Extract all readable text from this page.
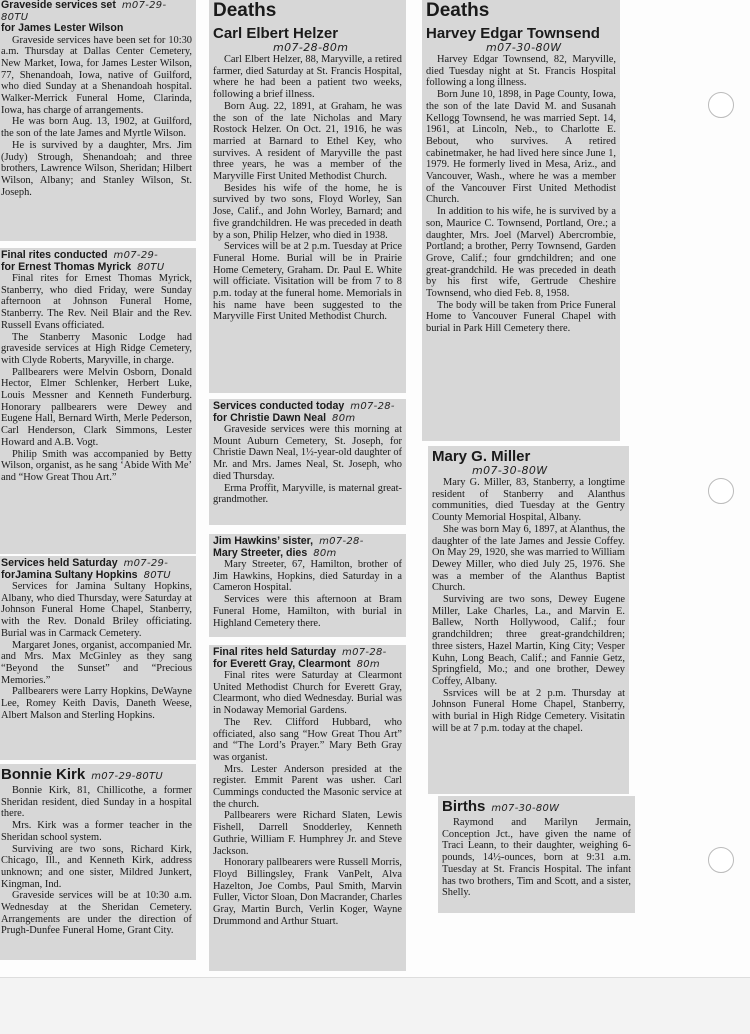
Graveside services set m07-29-80TU
for James Lester Wilson

Graveside services have been set for 10:30 a.m. Thursday at Dallas Center Cemetery, New Market, Iowa, for James Lester Wilson, 77, Shenandoah, Iowa, native of Guilford, who died Sunday at a Shenandoah hospital. Walker-Merrick Funeral Home, Clarinda, Iowa, has charge of arrangements.

He was born Aug. 13, 1902, at Guilford, the son of the late James and Myrtle Wilson.

He is survived by a daughter, Mrs. Jim (Judy) Strough, Shenandoah; and three brothers, Lawrence Wilson, Sheridan; Hilbert Wilson, Albany; and Stanley Wilson, St. Joseph.

Final rites conducted m07-29-
for Ernest Thomas Myrick 80TU

Final rites for Ernest Thomas Myrick, Stanberry, who died Friday, were Sunday afternoon at Johnson Funeral Home, Stanberry. The Rev. Neil Blair and the Rev. Russell Evans officiated.

The Stanberry Masonic Lodge had graveside services at High Ridge Cemetery, with Clyde Roberts, Maryville, in charge.

Pallbearers were Melvin Osborn, Donald Hector, Elmer Schlenker, Herbert Luke, Louis Messner and Kenneth Funderburg. Honorary pallbearers were Dewey and Eugene Hall, Bernard Wirth, Merle Pederson, Carl Henderson, Clark Simmons, Lester Howard and A.B. Vogt.

Philip Smith was accompanied by Betty Wilson, organist, as he sang ‘Abide With Me’ and “How Great Thou Art.”

Services held Saturday m07-29-
forJamina Sultany Hopkins 80TU

Services for Jamina Sultany Hopkins, Albany, who died Thursday, were Saturday at Johnson Funeral Home Chapel, Stanberry, with the Rev. Donald Briley officiating. Burial was in Carmack Cemetery.

Margaret Jones, organist, accompanied Mr. and Mrs. Max McGinley as they sang “Beyond the Sunset” and “Precious Memories.”

Pallbearers were Larry Hopkins, DeWayne Lee, Romey Keith Davis, Daneth Weese, Albert Malson and Sterling Hopkins.

Bonnie Kirk m07-29-80TU

Bonnie Kirk, 81, Chillicothe, a former Sheridan resident, died Sunday in a hospital there.

Mrs. Kirk was a former teacher in the Sheridan school system.

Surviving are two sons, Richard Kirk, Chicago, Ill., and Kenneth Kirk, address unknown; and one sister, Mildred Junkert, Kingman, Ind.

Graveside services will be at 10:30 a.m. Wednesday at the Sheridan Cemetery. Arrangements are under the direction of Prugh-Dunfee Funeral Home, Grant City.

Deaths
Carl Elbert Helzer
m07-28-80m

Carl Elbert Helzer, 88, Maryville, a retired farmer, died Saturday at St. Francis Hospital, where he had been a patient two weeks, following a brief illness.

Born Aug. 22, 1891, at Graham, he was the son of the late Nicholas and Mary Rostock Helzer. On Oct. 21, 1916, he was married at Barnard to Ethel Key, who survives. A resident of Maryville the past three years, he was a member of the Maryville First United Methodist Church.

Besides his wife of the home, he is survived by two sons, Floyd Worley, San Jose, Calif., and John Worley, Barnard; and five grandchildren. He was preceded in death by a son, Philip Helzer, who died in 1938.

Services will be at 2 p.m. Tuesday at Price Funeral Home. Burial will be in Prairie Home Cemetery, Graham. Dr. Paul E. White will officiate. Visitation will be from 7 to 8 p.m. today at the funeral home. Memorials in his name have been suggested to the Maryville First United Methodist Church.

Services conducted today m07-28-
for Christie Dawn Neal 80m

Graveside services were this morning at Mount Auburn Cemetery, St. Joseph, for Christie Dawn Neal, 1½-year-old daughter of Mr. and Mrs. James Neal, St. Joseph, who died Thursday.

Erma Proffit, Maryville, is maternal great-grandmother.

Jim Hawkins’ sister, m07-28-
Mary Streeter, dies 80m

Mary Streeter, 67, Hamilton, brother of Jim Hawkins, Hopkins, died Saturday in a Cameron Hospital.

Services were this afternoon at Bram Funeral Home, Hamilton, with burial in Highland Cemetery there.

Final rites held Saturday m07-28-
for Everett Gray, Clearmont 80m

Final rites were Saturday at Clearmont United Methodist Church for Everett Gray, Clearmont, who died Wednesday. Burial was in Nodaway Memorial Gardens.

The Rev. Clifford Hubbard, who officiated, also sang “How Great Thou Art” and “The Lord’s Prayer.” Mary Beth Gray was organist.

Mrs. Lester Anderson presided at the register. Emmit Parent was usher. Carl Cummings conducted the Masonic service at the church.

Pallbearers were Richard Slaten, Lewis Fishell, Darrell Snodderley, Kenneth Guthrie, William F. Humphrey Jr. and Steve Jackson.

Honorary pallbearers were Russell Morris, Floyd Billingsley, Frank VanPelt, Alva Hazelton, Joe Combs, Paul Smith, Marvin Fuller, Victor Sloan, Don Macrander, Charles Gray, Martin Burch, Verlin Koger, Wayne Drummond and Arthur Stuart.

Deaths
Harvey Edgar Townsend
m07-30-80W

Harvey Edgar Townsend, 82, Maryville, died Tuesday night at St. Francis Hospital following a long illness.

Born June 10, 1898, in Page County, Iowa, the son of the late David M. and Susanah Kellogg Townsend, he was married Sept. 14, 1961, at Lincoln, Neb., to Charlotte E. Bebout, who survives. A retired cabinetmaker, he had lived here since June 1, 1979. He formerly lived in Mesa, Ariz., and Vancouver, Wash., where he was a member of the Vancouver First United Methodist Church.

In addition to his wife, he is survived by a son, Maurice C. Townsend, Portland, Ore.; a daughter, Mrs. Joel (Marvel) Abercrombie, Portland; a brother, Perry Townsend, Garden Grove, Calif.; four grndchildren; and one great-grandchild. He was preceded in death by his first wife, Gertrude Cheshire Townsend, who died Feb. 8, 1958.

The body will be taken from Price Funeral Home to Vancouver Funeral Chapel with burial in Park Hill Cemetery there.

Mary G. Miller
m07-30-80W

Mary G. Miller, 83, Stanberry, a longtime resident of Stanberry and Alanthus communities, died Tuesday at the Gentry County Memorial Hospital, Albany.

She was born May 6, 1897, at Alanthus, the daughter of the late James and Jessie Coffey. On May 29, 1920, she was married to William Dewey Miller, who died July 25, 1976. She was a member of the Alanthus Baptist Church.

Surviving are two sons, Dewey Eugene Miller, Lake Charles, La., and Marvin E. Ballew, North Hollywood, Calif.; four grandchildren; three great-grandchildren; three sisters, Hazel Martin, King City; Vesper Kuhn, Long Beach, Calif.; and Fannie Getz, Springfield, Mo.; and one brother, Dewey Coffey, Albany.

Ssrvices will be at 2 p.m. Thursday at Johnson Funeral Home Chapel, Stanberry, with burial in High Ridge Cemetery. Visitatin will be at 7 p.m. today at the chapel.

Births m07-30-80W

Raymond and Marilyn Jermain, Conception Jct., have given the name of Traci Leann, to their daughter, weighing 6-pounds, 14½-ounces, born at 9:31 a.m. Tuesday at St. Francis Hospital. The infant has two brothers, Tim and Scott, and a sister, Shelly.
